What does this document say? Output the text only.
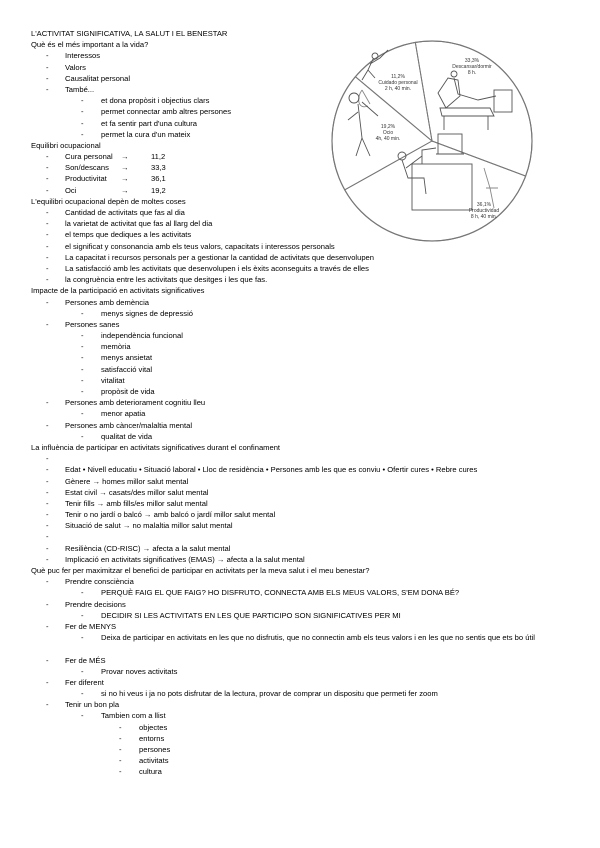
L'ACTIVITAT SIGNIFICATIVA, LA SALUT I EL BENESTAR
Què és el més important a la vida?
- Interessos
- Valors
- Causalitat personal
- També...
- et dona propòsit i objectius clars
- permet connectar amb altres persones
- et fa sentir part d'una cultura
- permet la cura d'un mateix
Equilibri ocupacional
- Cura personal →	11,2
- Son/descans →	33,3
- Productivitat →	36,1
- Oci	→	19,2
L'equilibri ocupacional depèn de moltes coses
- Cantidad de activitats que fas al dia
- la varietat de activitat que fas al llarg del dia
- el temps que dediques a les activitats
- el significat y consonancia amb els teus valors, capacitats i interessos personals
- La capacitat i recursos personals per a gestionar la cantidad de activitats que desenvolupen
- La satisfacció amb les activitats que desenvolupen i els èxits aconseguits a través de elles
- la congruència entre les activitats que desitges i les que fas.
Impacte de la participació en activitats significatives
- Persones amb demència
- menys signes de depressió
- Persones sanes
- independència funcional
- memòria
- menys ansietat
- satisfacció vital
- vitalitat
- propòsit de vida
- Persones amb deteriorament cognitiu lleu
- menor apatia
- Persones amb càncer/malaltia mental
- qualitat de vida
La influència de participar en activitats significatives durant el confinament
-
- Edat • Nivell educatiu • Situació laboral • Lloc de residència • Persones amb les que es conviu • Ofertir cures • Rebre cures
- Gènere → homes millor salut mental
- Estat civil → casats/des millor salut mental
- Tenir fills → amb fills/es millor salut mental
- Tenir o no jardí o balcó → amb balcó o jardí millor salut mental
- Situació de salut → no malaltia millor salut mental
-
- Resiliència (CD-RISC) → afecta a la salut mental
- Implicació en activitats significatives (EMAS) → afecta a la salut mental
Què puc fer per maximitzar el benefici de participar en activitats per la meva salut i el meu benestar?
- Prendre consciència
- PERQUÈ FAIG EL QUE FAIG? HO DISFRUTO, CONNECTA AMB ELS MEUS VALORS, S'EM DONA BÉ?
- Prendre decisions
- DECIDIR SI LES ACTIVITATS EN LES QUE PARTICIPO SON SIGNIFICATIVES PER MI
- Fer de MENYS
- Deixa de participar en activitats en les que no disfrutis, que no connectin amb els teus valors i en les que no sentis que ets bo útil
- Fer de MÉS
- Provar noves activitats
- Fer diferent
- si no hi veus i ja no pots disfrutar de la lectura, provar de comprar un dispositu que permeti fer zoom
- Tenir un bon pla
- Tambien com a llist
- objectes
- entorns
- persones
- activitats
- cultura
11,2%
Cuidado personal
2 h, 40 min.
33,3%
Descansar/dormir
8 h.
36,1%
Productividad
8 h, 40 min.
19,2%
Ocio
4h, 40 min.
